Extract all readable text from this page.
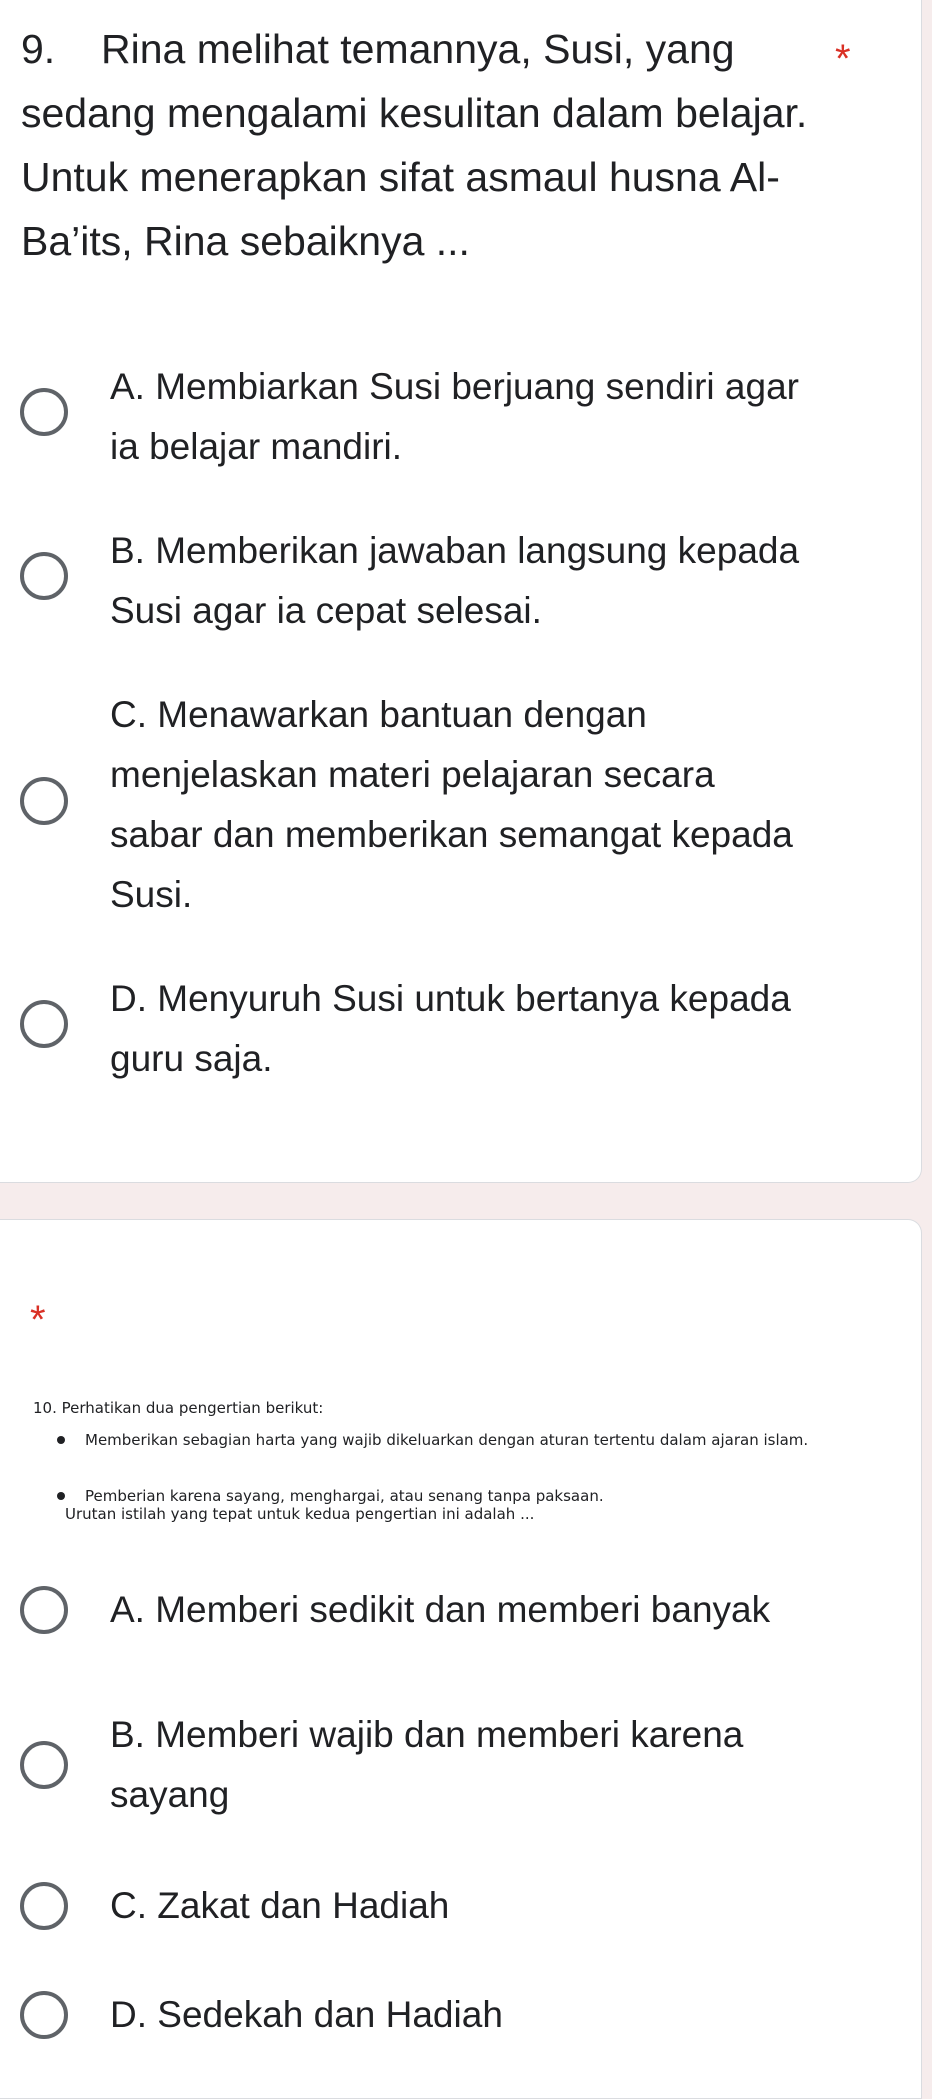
9. Rina melihat temannya, Susi, yang sedang mengalami kesulitan dalam belajar. Untuk menerapkan sifat asmaul husna Al-Ba’its, Rina sebaiknya ...
*
A. Membiarkan Susi berjuang sendiri agar ia belajar mandiri.
B. Memberikan jawaban langsung kepada Susi agar ia cepat selesai.
C. Menawarkan bantuan dengan menjelaskan materi pelajaran secara sabar dan memberikan semangat kepada Susi.
D. Menyuruh Susi untuk bertanya kepada guru saja.
*
10. Perhatikan dua pengertian berikut:
Memberikan sebagian harta yang wajib dikeluarkan dengan aturan tertentu dalam ajaran islam.
Pemberian karena sayang, menghargai, atau senang tanpa paksaan.
Urutan istilah yang tepat untuk kedua pengertian ini adalah ...
A. Memberi sedikit dan memberi banyak
B. Memberi wajib dan memberi karena sayang
C. Zakat dan Hadiah
D. Sedekah dan Hadiah
